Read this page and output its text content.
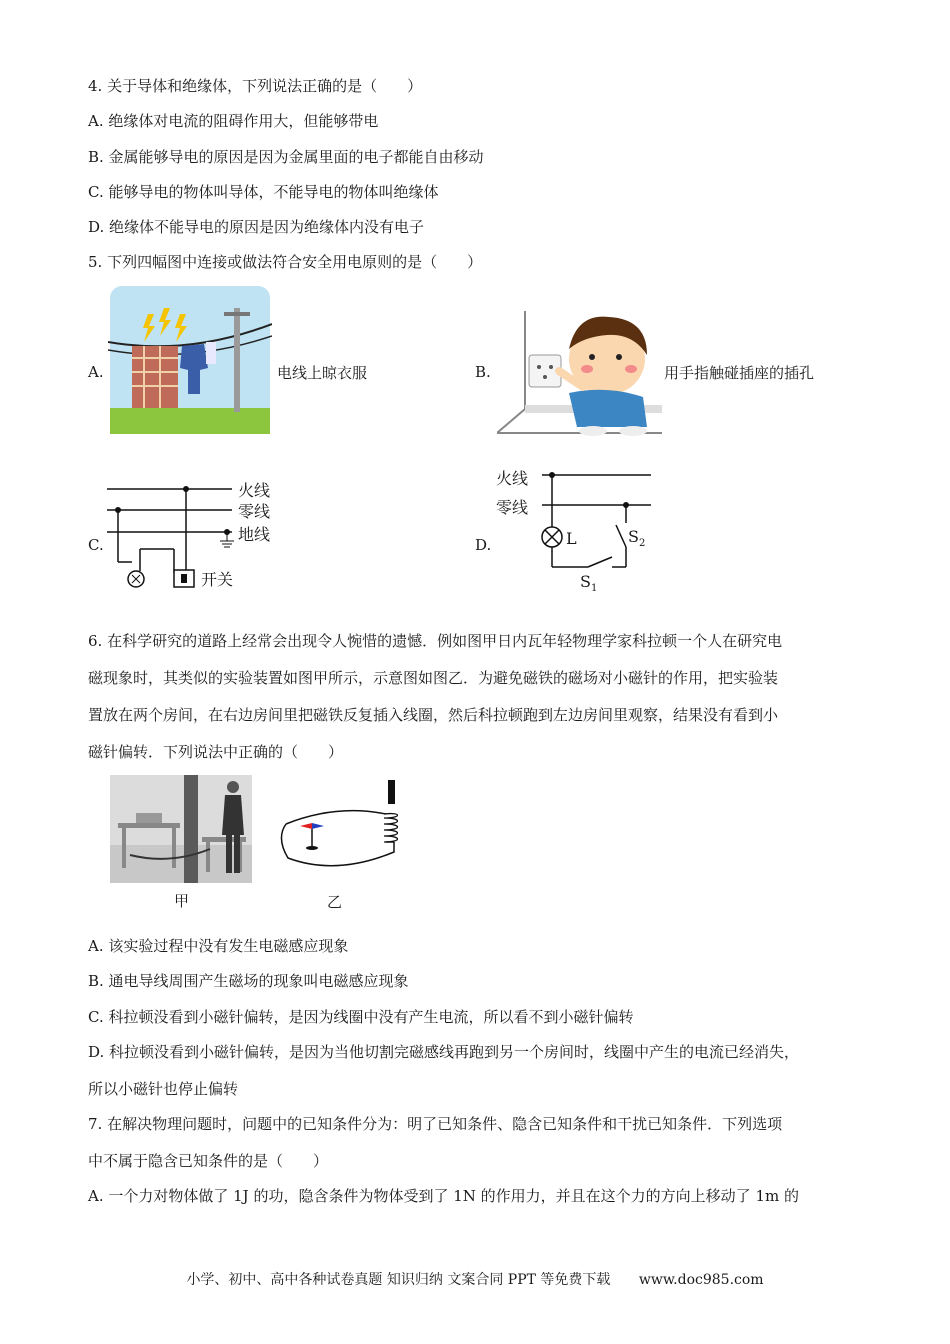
4. 关于导体和绝缘体，下列说法正确的是（　　）
A. 绝缘体对电流的阻碍作用大，但能够带电
B. 金属能够导电的原因是因为金属里面的电子都能自由移动
C. 能够导电的物体叫导体，不能导电的物体叫绝缘体
D. 绝缘体不能导电的原因是因为绝缘体内没有电子
5. 下列四幅图中连接或做法符合安全用电原则的是（　　）
A.	电线上晾衣服	B.	用手指触碰插座的插孔
C.
火线
零线
地线
开关
D.
火线
零线
L	$S_2$
$S_1$
6. 在科学研究的道路上经常会出现令人惋惜的遗憾．例如图甲日内瓦年轻物理学家科拉顿一个人在研究电
磁现象时，其类似的实验装置如图甲所示，示意图如图乙．为避免磁铁的磁场对小磁针的作用，把实验装
置放在两个房间，在右边房间里把磁铁反复插入线圈，然后科拉顿跑到左边房间里观察，结果没有看到小
磁针偏转．下列说法中正确的（　　）
甲	乙
A. 该实验过程中没有发生电磁感应现象
B. 通电导线周围产生磁场的现象叫电磁感应现象
C. 科拉顿没看到小磁针偏转，是因为线圈中没有产生电流，所以看不到小磁针偏转
D. 科拉顿没看到小磁针偏转，是因为当他切割完磁感线再跑到另一个房间时，线圈中产生的电流已经消失，
所以小磁针也停止偏转
7. 在解决物理问题时，问题中的已知条件分为：明了已知条件、隐含已知条件和干扰已知条件．下列选项
中不属于隐含已知条件的是（　　）
A. 一个力对物体做了 1J 的功，隐含条件为物体受到了 1N 的作用力，并且在这个力的方向上移动了 1m 的
小学、初中、高中各种试卷真题 知识归纳 文案合同 PPT 等免费下载 www.doc985.com
